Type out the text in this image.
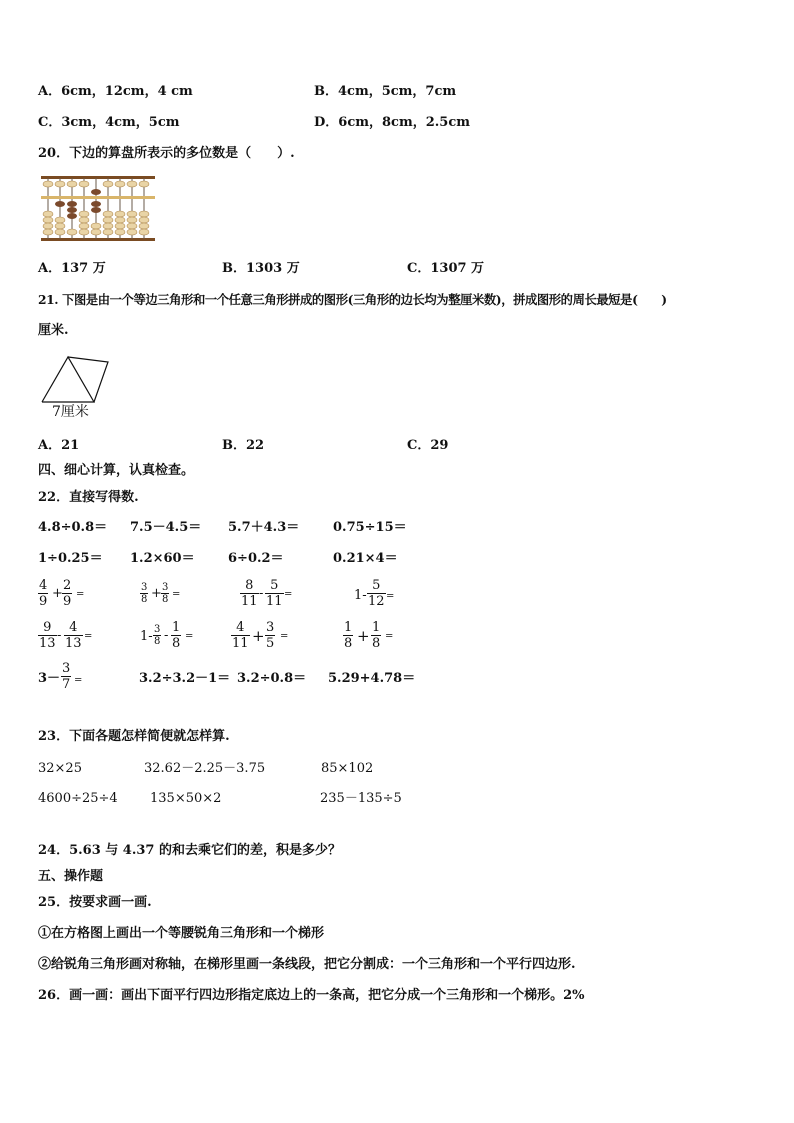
A．6cm，12cm，4 cm	B．4cm，5cm，7cm
C．3cm，4cm，5cm	D．6cm，8cm，2.5cm
20．下边的算盘所表示的多位数是（　　）.
A．137 万	B．1303 万	C．1307 万
21. 下图是由一个等边三角形和一个任意三角形拼成的图形(三角形的边长均为整厘米数)，拼成图形的周长最短是(　　)
厘米.
7厘米
A．21	B．22	C．29
四、细心计算，认真检查。
22．直接写得数.
4.8÷0.8＝ 7.5－4.5＝ 5.7＋4.3＝	0.75÷15＝
1÷0.25＝ 1.2×60＝	6÷0.2＝	0.21×4＝
$\frac{4}{9} + \frac{2}{9}$ =	$\frac{3}{8} + \frac{3}{8}$ =	$\frac{8}{11} - \frac{5}{11}$ =	$1- \frac{5}{12}$ =
$\frac{9}{13} - \frac{4}{13}$ =	$1- \frac{3}{8} - \frac{1}{8}$ =	$\frac{4}{11} + \frac{3}{5}$ =	$\frac{1}{8} + \frac{1}{8}$ =
$3- \frac{3}{7}$ =	3.2÷3.2－1＝ 3.2÷0.8＝ 5.29+4.78＝
23．下面各题怎样简便就怎样算.
32×25	32.62－2.25－3.75	85×102
4600÷25÷4 135×50×2	235－135÷5
24．5.63 与 4.37 的和去乘它们的差，积是多少？
五、操作题
25．按要求画一画.
①在方格图上画出一个等腰锐角三角形和一个梯形
②给锐角三角形画对称轴，在梯形里画一条线段，把它分割成：一个三角形和一个平行四边形.
26．画一画：画出下面平行四边形指定底边上的一条高，把它分成一个三角形和一个梯形。2%
